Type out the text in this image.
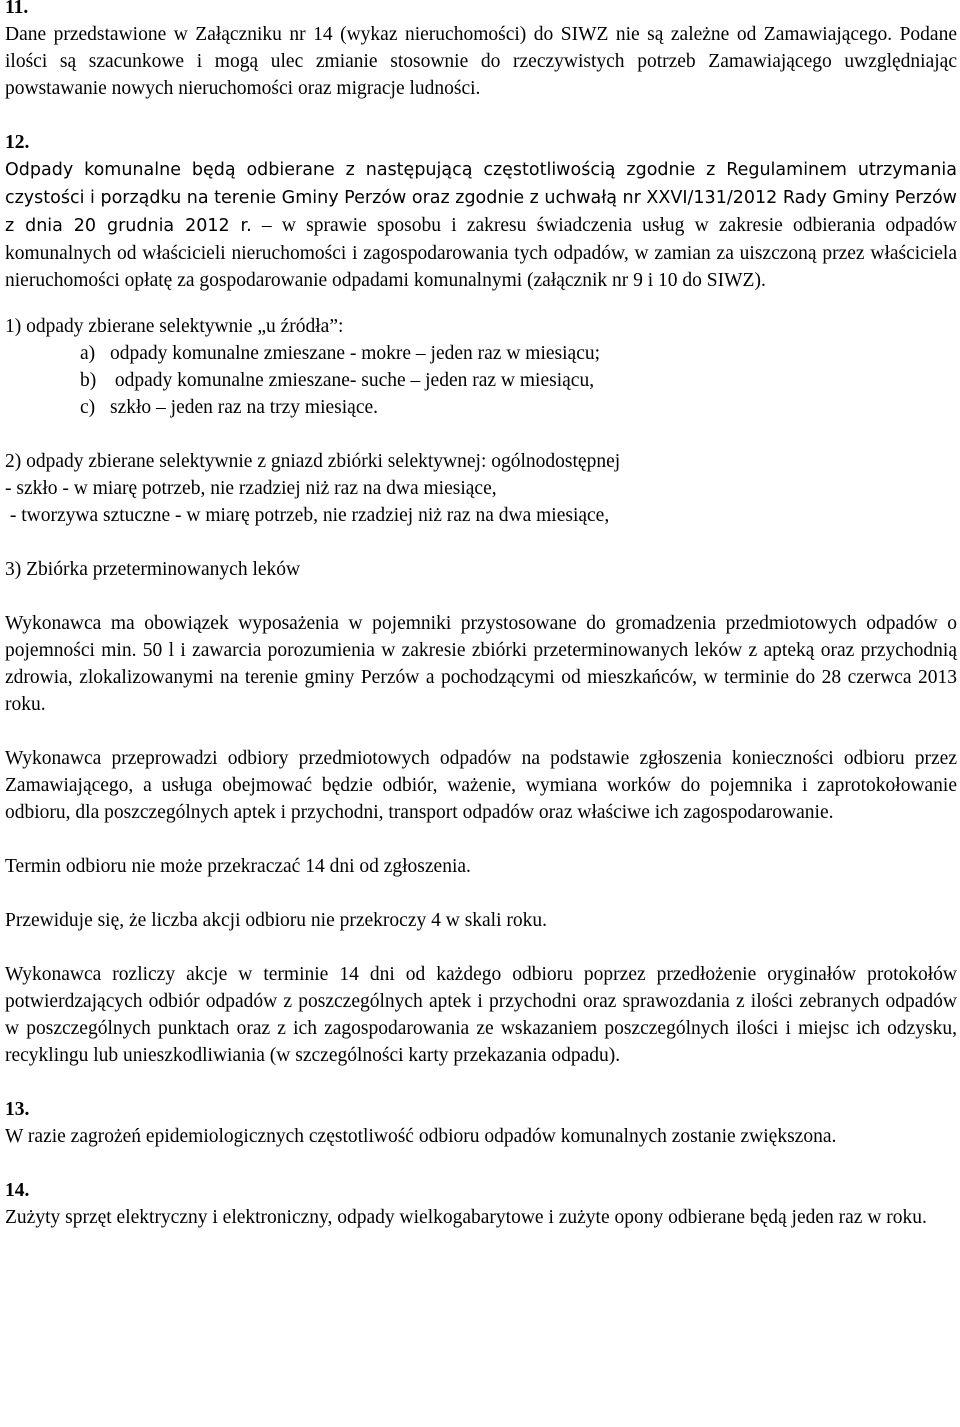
11.

Dane przedstawione w Załączniku nr 14 (wykaz nieruchomości) do SIWZ nie są zależne od Zamawiającego. Podane ilości są szacunkowe i mogą ulec zmianie stosownie do rzeczywistych potrzeb Zamawiającego uwzględniając powstawanie nowych nieruchomości oraz migracje ludności.

12.

Odpady komunalne będą odbierane z następującą częstotliwością zgodnie z Regulaminem utrzymania czystości i porządku na terenie Gminy Perzów oraz zgodnie z uchwałą nr XXVI/131/2012 Rady Gminy Perzów z dnia 20 grudnia 2012 r. – w sprawie sposobu i zakresu świadczenia usług w zakresie odbierania odpadów komunalnych od właścicieli nieruchomości i zagospodarowania tych odpadów, w zamian za uiszczoną przez właściciela nieruchomości opłatę za gospodarowanie odpadami komunalnymi (załącznik nr 9 i 10 do SIWZ).

1) odpady zbierane selektywnie „u źródła”:

a) odpady komunalne zmieszane - mokre – jeden raz w miesiącu;
b) odpady komunalne zmieszane- suche – jeden raz w miesiącu,
c) szkło – jeden raz na trzy miesiące.

2) odpady zbierane selektywnie z gniazd zbiórki selektywnej: ogólnodostępnej

- szkło - w miarę potrzeb, nie rzadziej niż raz na dwa miesiące,

- tworzywa sztuczne - w miarę potrzeb, nie rzadziej niż raz na dwa miesiące,

3) Zbiórka przeterminowanych leków

Wykonawca ma obowiązek wyposażenia w pojemniki przystosowane do gromadzenia przedmiotowych odpadów o pojemności min. 50 l i zawarcia porozumienia w zakresie zbiórki przeterminowanych leków z apteką oraz przychodnią zdrowia, zlokalizowanymi na terenie gminy Perzów a pochodzącymi od mieszkańców, w terminie do 28 czerwca 2013 roku.

Wykonawca przeprowadzi odbiory przedmiotowych odpadów na podstawie zgłoszenia konieczności odbioru przez Zamawiającego, a usługa obejmować będzie odbiór, ważenie, wymiana worków do pojemnika i zaprotokołowanie odbioru, dla poszczególnych aptek i przychodni, transport odpadów oraz właściwe ich zagospodarowanie.

Termin odbioru nie może przekraczać 14 dni od zgłoszenia.

Przewiduje się, że liczba akcji odbioru nie przekroczy 4 w skali roku.

Wykonawca rozliczy akcje w terminie 14 dni od każdego odbioru poprzez przedłożenie oryginałów protokołów potwierdzających odbiór odpadów z poszczególnych aptek i przychodni oraz sprawozdania z ilości zebranych odpadów w poszczególnych punktach oraz z ich zagospodarowania ze wskazaniem poszczególnych ilości i miejsc ich odzysku, recyklingu lub unieszkodliwiania (w szczególności karty przekazania odpadu).

13.

W razie zagrożeń epidemiologicznych częstotliwość odbioru odpadów komunalnych zostanie zwiększona.

14.

Zużyty sprzęt elektryczny i elektroniczny, odpady wielkogabarytowe i zużyte opony odbierane będą jeden raz w roku.
